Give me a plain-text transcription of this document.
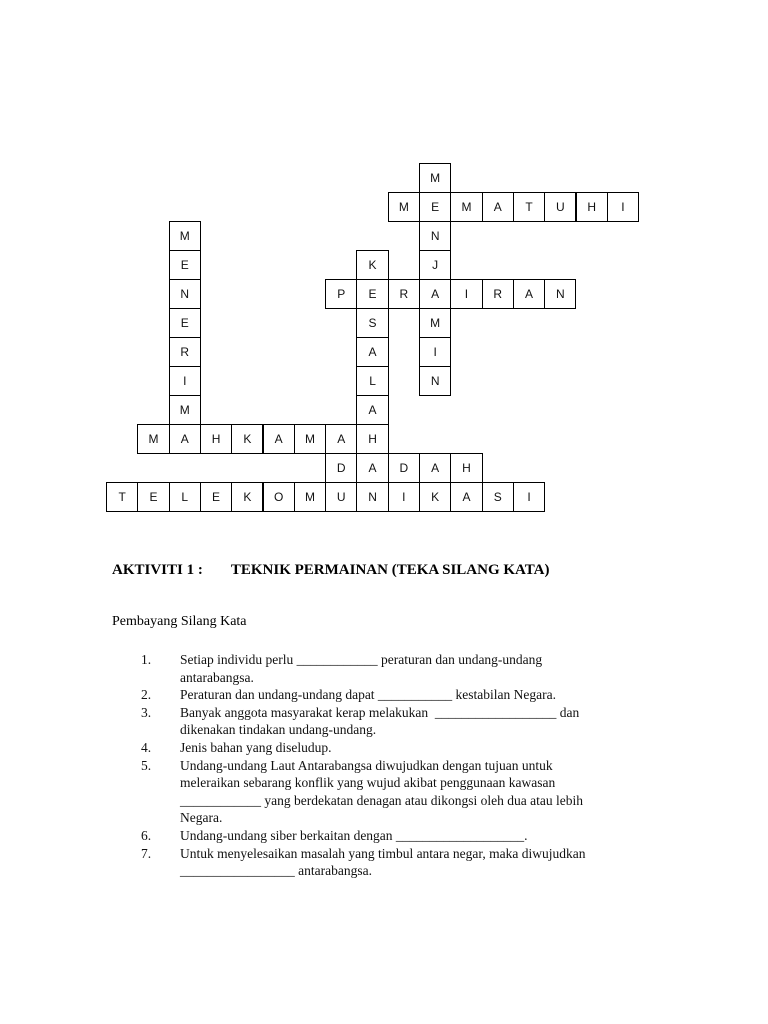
M
M	E	M	A	T	U	H	I
M	N
E	K	J
N	P	E	R	A	I	R	A	N
E	S	M
R	A	I
I	L	N
M	A
M	A	H	K	A	M	A	H
D	A	D	A	H
T	E	L	E	K	O	M	U	N	I	K	A	S	I
AKTIVITI 1 : TEKNIK PERMAINAN (TEKA SILANG KATA)
Pembayang Silang Kata
1.	Setiap individu perlu ____________ peraturan dan undang-undang
antarabangsa.
2.	Peraturan dan undang-undang dapat ___________ kestabilan Negara.
3.	Banyak anggota masyarakat kerap melakukan  __________________ dan
dikenakan tindakan undang-undang.
4.	Jenis bahan yang diseludup.
5.	Undang-undang Laut Antarabangsa diwujudkan dengan tujuan untuk
meleraikan sebarang konflik yang wujud akibat penggunaan kawasan
____________ yang berdekatan denagan atau dikongsi oleh dua atau lebih
Negara.
6.	Undang-undang siber berkaitan dengan ___________________.
7.	Untuk menyelesaikan masalah yang timbul antara negar, maka diwujudkan
_________________ antarabangsa.
